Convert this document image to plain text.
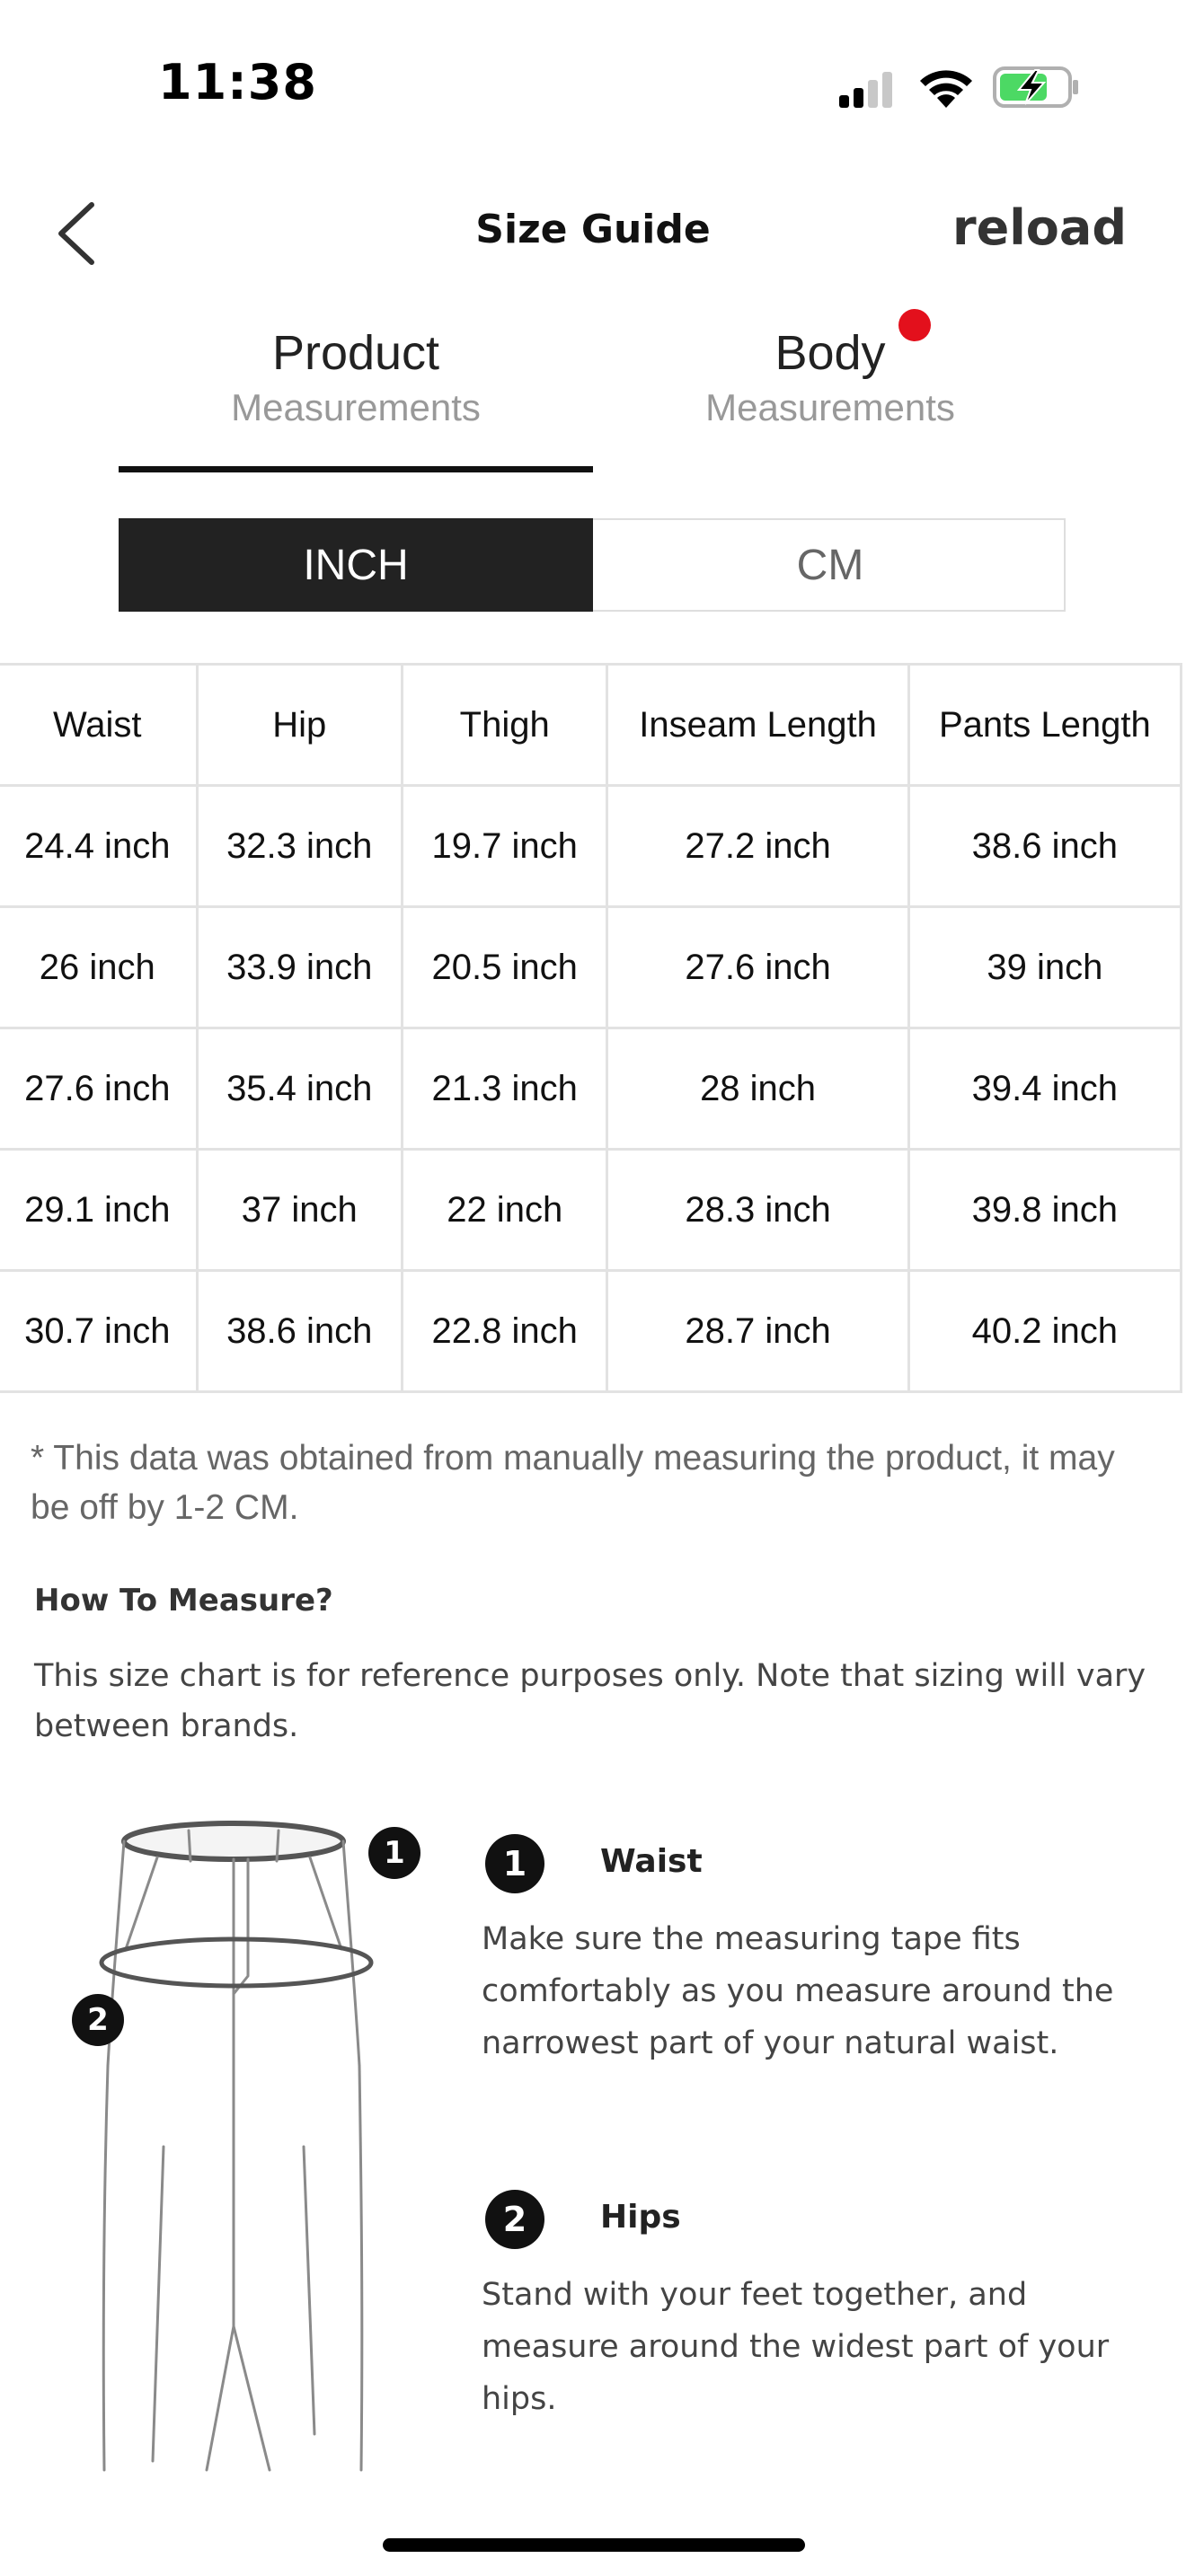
11:38
Size Guide	reload
Product
Measurements
Body
Measurements
INCH	CM
Waist	Hip	Thigh	Inseam Length	Pants Length
24.4 inch	32.3 inch	19.7 inch	27.2 inch	38.6 inch
26 inch	33.9 inch	20.5 inch	27.6 inch	39 inch
27.6 inch	35.4 inch	21.3 inch	28 inch	39.4 inch
29.1 inch	37 inch	22 inch	28.3 inch	39.8 inch
30.7 inch	38.6 inch	22.8 inch	28.7 inch	40.2 inch
* This data was obtained from manually measuring the product, it may be off by 1-2 CM.
How To Measure?
This size chart is for reference purposes only. Note that sizing will vary
between brands.
1
2
1	Waist
Make sure the measuring tape fits comfortably as you measure around the narrowest part of your natural waist.
2	Hips
Stand with your feet together, and measure around the widest part of your hips.
